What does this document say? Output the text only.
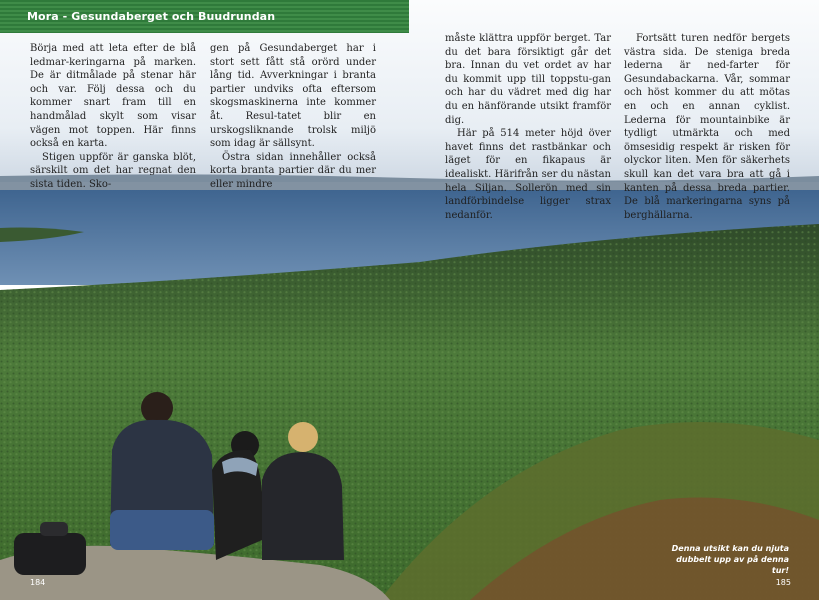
Mora - Gesundaberget och Buudrundan

Börja med att leta efter de blå ledmar-keringarna på marken. De är ditmålade på stenar här och var. Följ dessa och du kommer snart fram till en handmålad skylt som visar vägen mot toppen. Här finns också en karta.

Stigen uppför är ganska blöt, särskilt om det har regnat den sista tiden. Sko-

gen på Gesundaberget har i stort sett fått stå orörd under lång tid. Avverkningar i branta partier undviks ofta eftersom skogsmaskinerna inte kommer åt. Resul-tatet blir en urskogsliknande trolsk miljö som idag är sällsynt.

Östra sidan innehåller också korta branta partier där du mer eller mindre

måste klättra uppför berget. Tar du det bara försiktigt går det bra. Innan du vet ordet av har du kommit upp till toppstu-gan och har du vädret med dig har du en hänförande utsikt framför dig.

Här på 514 meter höjd över havet finns det rastbänkar och läget för en fikapaus är idealiskt. Härifrån ser du nästan hela Siljan. Sollerön med sin landförbindelse ligger strax nedanför.

Fortsätt turen nedför bergets västra sida. De steniga breda lederna är ned-farter för Gesundabackarna. Vår, sommar och höst kommer du att mötas en och en annan cyklist. Lederna för mountainbike är tydligt utmärkta och med ömsesidig respekt är risken för olyckor liten. Men för säkerhets skull kan det vara bra att gå i kanten på dessa breda partier. De blå markeringarna syns på berghällarna.

Denna utsikt kan du njuta dubbelt upp av på denna tur!
184	185
